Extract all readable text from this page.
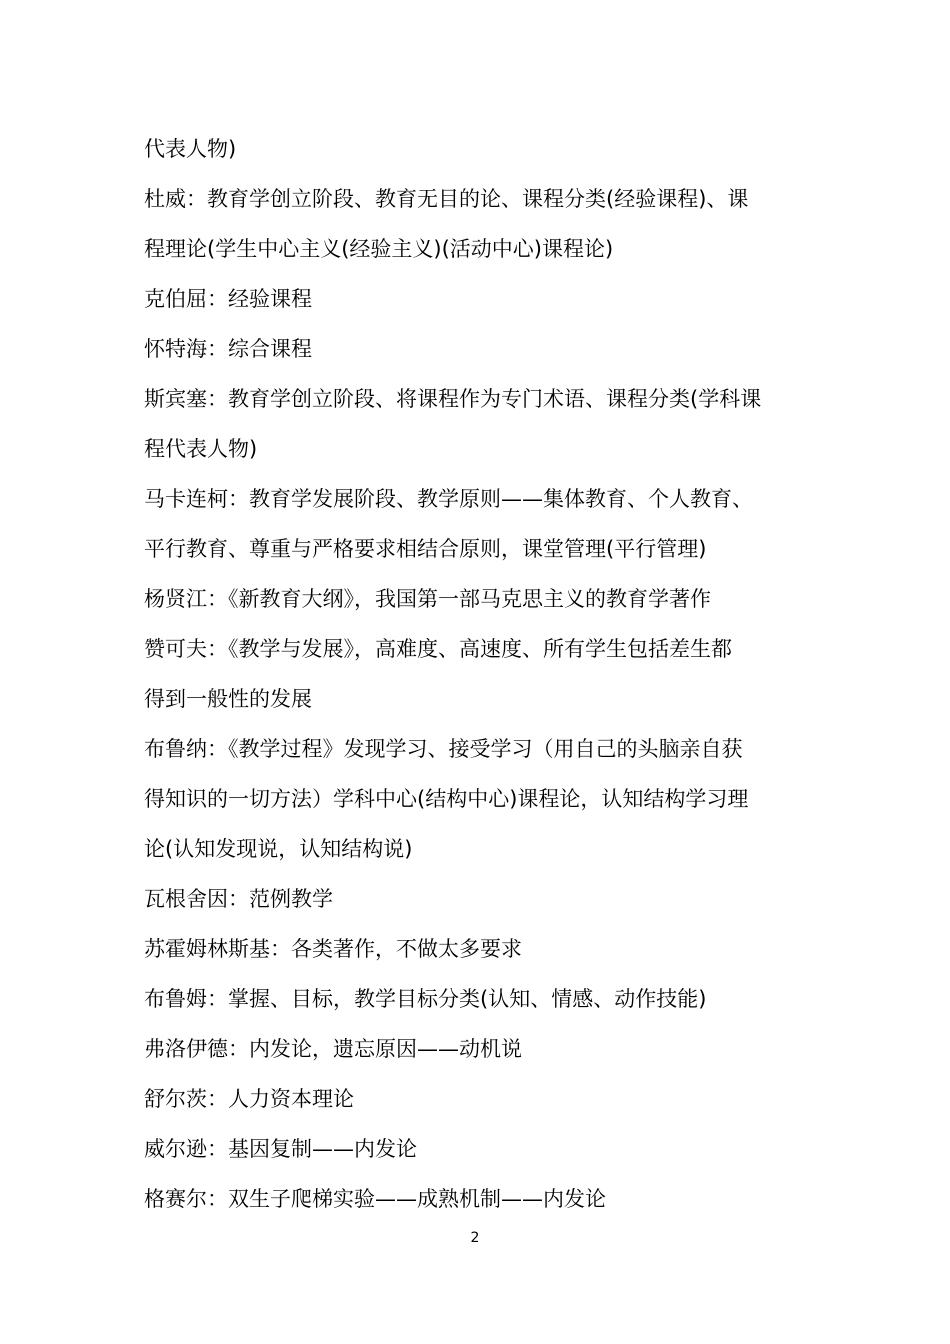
代表人物)
杜威：教育学创立阶段、教育无目的论、课程分类(经验课程)、课
程理论(学生中心主义(经验主义)(活动中心)课程论)
克伯屈：经验课程
怀特海：综合课程
斯宾塞：教育学创立阶段、将课程作为专门术语、课程分类(学科课
程代表人物)
马卡连柯：教育学发展阶段、教学原则——集体教育、个人教育、
平行教育、尊重与严格要求相结合原则，课堂管理(平行管理)
杨贤江：《新教育大纲》，我国第一部马克思主义的教育学著作
赞可夫：《教学与发展》，高难度、高速度、所有学生包括差生都
得到一般性的发展
布鲁纳：《教学过程》发现学习、接受学习（用自己的头脑亲自获
得知识的一切方法）学科中心(结构中心)课程论，认知结构学习理
论(认知发现说，认知结构说)
瓦根舍因：范例教学
苏霍姆林斯基：各类著作，不做太多要求
布鲁姆：掌握、目标，教学目标分类(认知、情感、动作技能)
弗洛伊德：内发论，遗忘原因——动机说
舒尔茨：人力资本理论
威尔逊：基因复制——内发论
格赛尔：双生子爬梯实验——成熟机制——内发论
2
